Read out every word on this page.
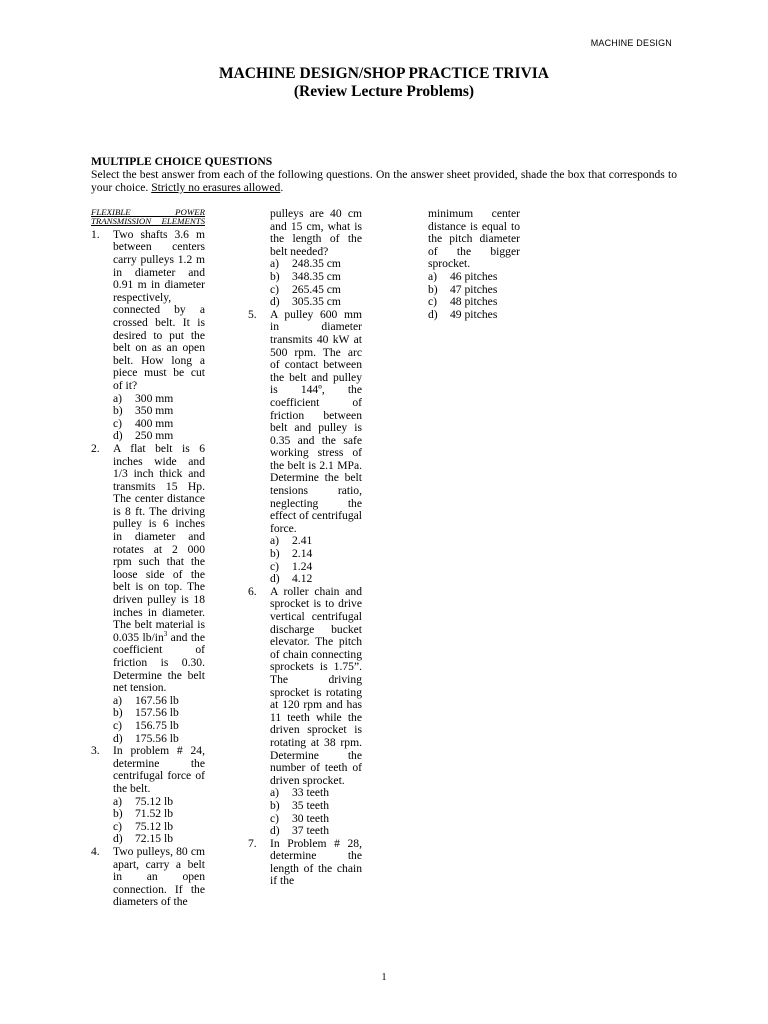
MACHINE DESIGN
MACHINE DESIGN/SHOP PRACTICE TRIVIA
(Review Lecture Problems)
MULTIPLE CHOICE QUESTIONS
Select the best answer from each of the following questions. On the answer sheet provided, shade the box that corresponds to your choice. Strictly no erasures allowed.
FLEXIBLE POWER TRANSMISSION ELEMENTS
1.	Two shafts 3.6 m between centers carry pulleys 1.2 m in diameter and 0.91 m in diameter respectively, connected by a crossed belt. It is desired to put the belt on as an open belt. How long a piece must be cut of it?
a)	300 mm
b)	350 mm
c)	400 mm
d)	250 mm
2.	A flat belt is 6 inches wide and 1/3 inch thick and transmits 15 Hp. The center distance is 8 ft. The driving pulley is 6 inches in diameter and rotates at 2 000 rpm such that the loose side of the belt is on top. The driven pulley is 18 inches in diameter. The belt material is 0.035 $lb/in^3$ and the coefficient of friction is 0.30. Determine the belt net tension.
a)	167.56 lb
b)	157.56 lb
c)	156.75 lb
d)	175.56 lb
3.	In problem # 24, determine the centrifugal force of the belt.
a)	75.12 lb
b)	71.52 lb
c)	75.12 lb
d)	72.15 lb
4.	Two pulleys, 80 cm apart, carry a belt in an open connection. If the diameters of the
pulleys are 40 cm and 15 cm, what is the length of the belt needed?
a)	248.35 cm
b)	348.35 cm
c)	265.45 cm
d)	305.35 cm
5.	A pulley 600 mm in diameter transmits 40 kW at 500 rpm. The arc of contact between the belt and pulley is 144º, the coefficient of friction between belt and pulley is 0.35 and the safe working stress of the belt is 2.1 MPa. Determine the belt tensions ratio, neglecting the effect of centrifugal force.
a)	2.41
b)	2.14
c)	1.24
d)	4.12
6.	A roller chain and sprocket is to drive vertical centrifugal discharge bucket elevator. The pitch of chain connecting sprockets is 1.75”. The driving sprocket is rotating at 120 rpm and has 11 teeth while the driven sprocket is rotating at 38 rpm. Determine the number of teeth of driven sprocket.
a)	33 teeth
b)	35 teeth
c)	30 teeth
d)	37 teeth
7.	In Problem # 28, determine the length of the chain if the
minimum center distance is equal to the pitch diameter of the bigger sprocket.
a)	46 pitches
b)	47 pitches
c)	48 pitches
d)	49 pitches
1
